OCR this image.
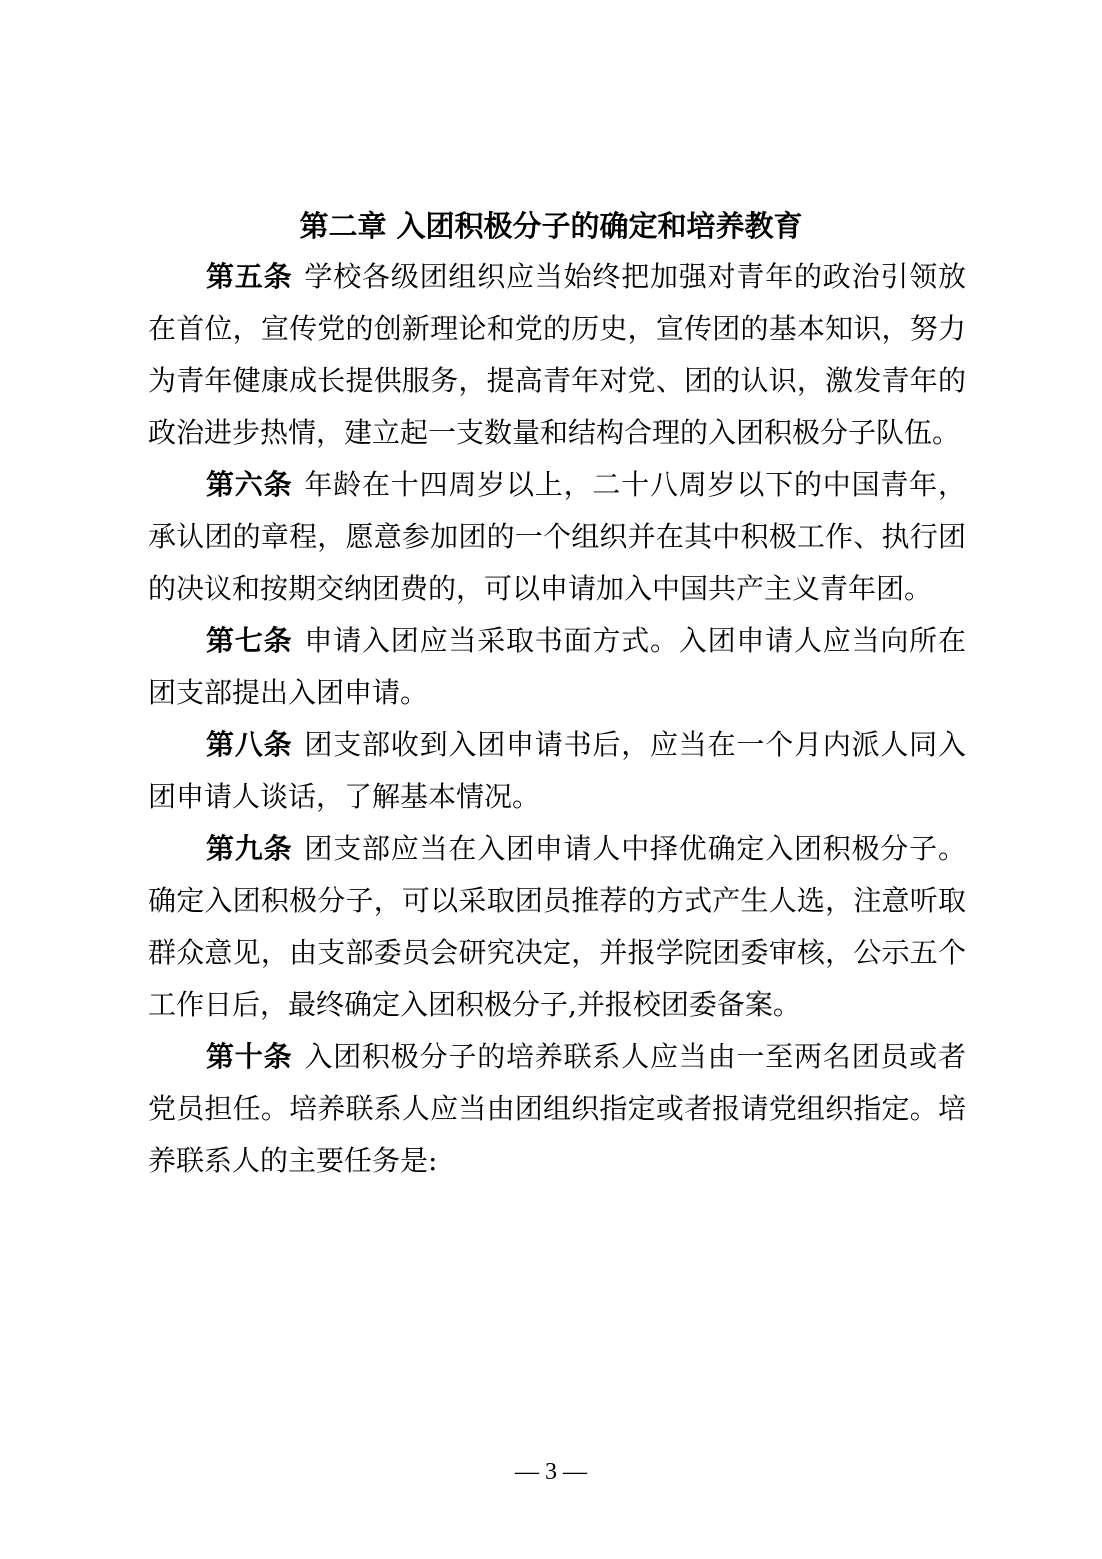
第二章 入团积极分子的确定和培养教育

第五条 学校各级团组织应当始终把加强对青年的政治引领放在首位，宣传党的创新理论和党的历史，宣传团的基本知识，努力为青年健康成长提供服务，提高青年对党、团的认识，激发青年的政治进步热情，建立起一支数量和结构合理的入团积极分子队伍。

第六条 年龄在十四周岁以上，二十八周岁以下的中国青年，承认团的章程，愿意参加团的一个组织并在其中积极工作、执行团的决议和按期交纳团费的，可以申请加入中国共产主义青年团。

第七条 申请入团应当采取书面方式。入团申请人应当向所在团支部提出入团申请。

第八条 团支部收到入团申请书后，应当在一个月内派人同入团申请人谈话，了解基本情况。

第九条 团支部应当在入团申请人中择优确定入团积极分子。确定入团积极分子，可以采取团员推荐的方式产生人选，注意听取群众意见，由支部委员会研究决定，并报学院团委审核，公示五个工作日后，最终确定入团积极分子,并报校团委备案。

第十条 入团积极分子的培养联系人应当由一至两名团员或者党员担任。培养联系人应当由团组织指定或者报请党组织指定。培养联系人的主要任务是:

— 3 —
